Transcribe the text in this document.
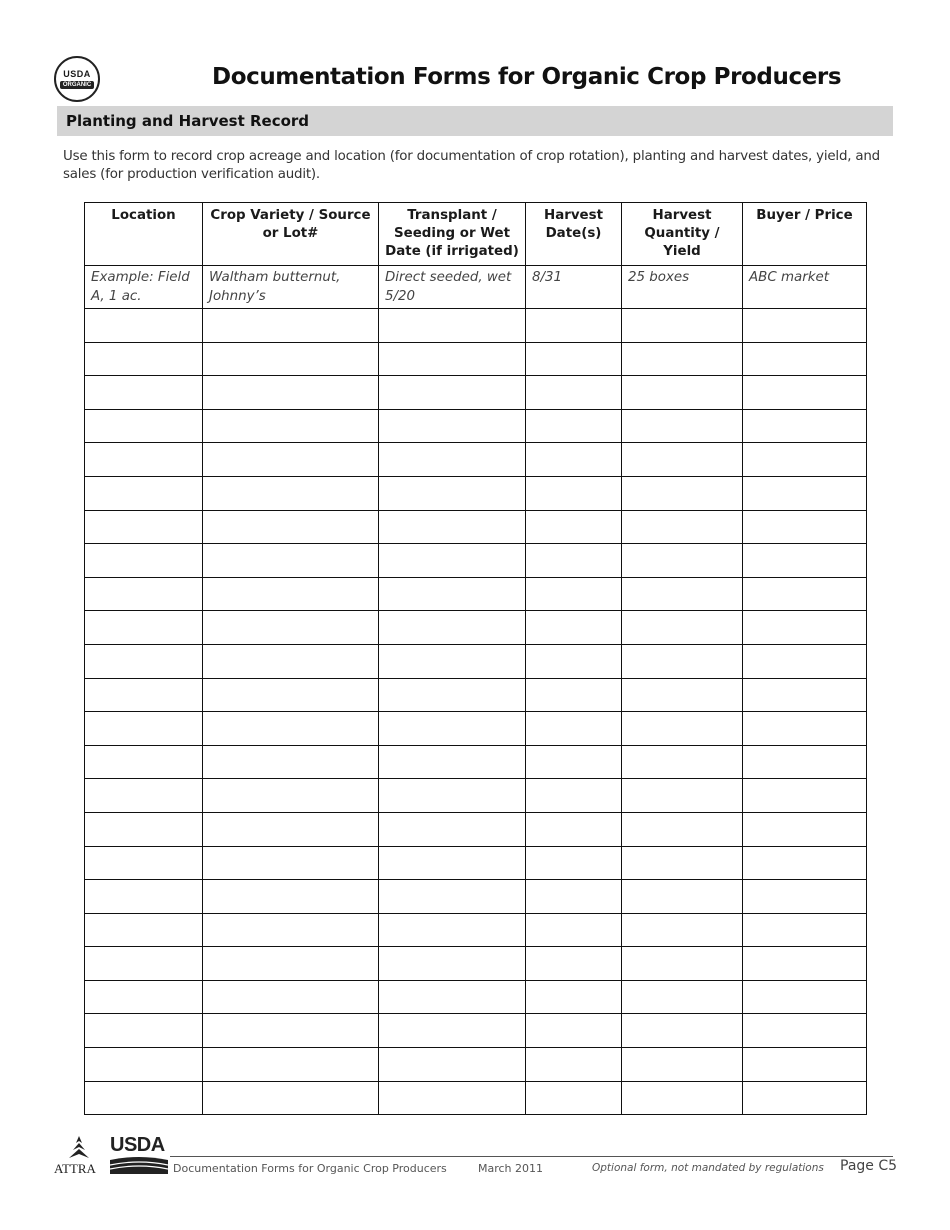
USDA
ORGANIC	Documentation Forms for Organic Crop Producers
Planting and Harvest Record

Use this form to record crop acreage and location (for documentation of crop rotation), planting and harvest dates, yield, and sales (for production verification audit).

Location	Crop Variety / Source or Lot#	Transplant / Seeding or Wet Date (if irrigated)	Harvest Date(s)	Harvest Quantity / Yield	Buyer / Price
Example: Field A, 1 ac.	Waltham butternut, Johnny’s	Direct seeded, wet 5/20	8/31	25 boxes	ABC market

ATTRA
USDA

Documentation Forms for Organic Crop Producers	March 2011	Optional form, not mandated by regulations Page C5
